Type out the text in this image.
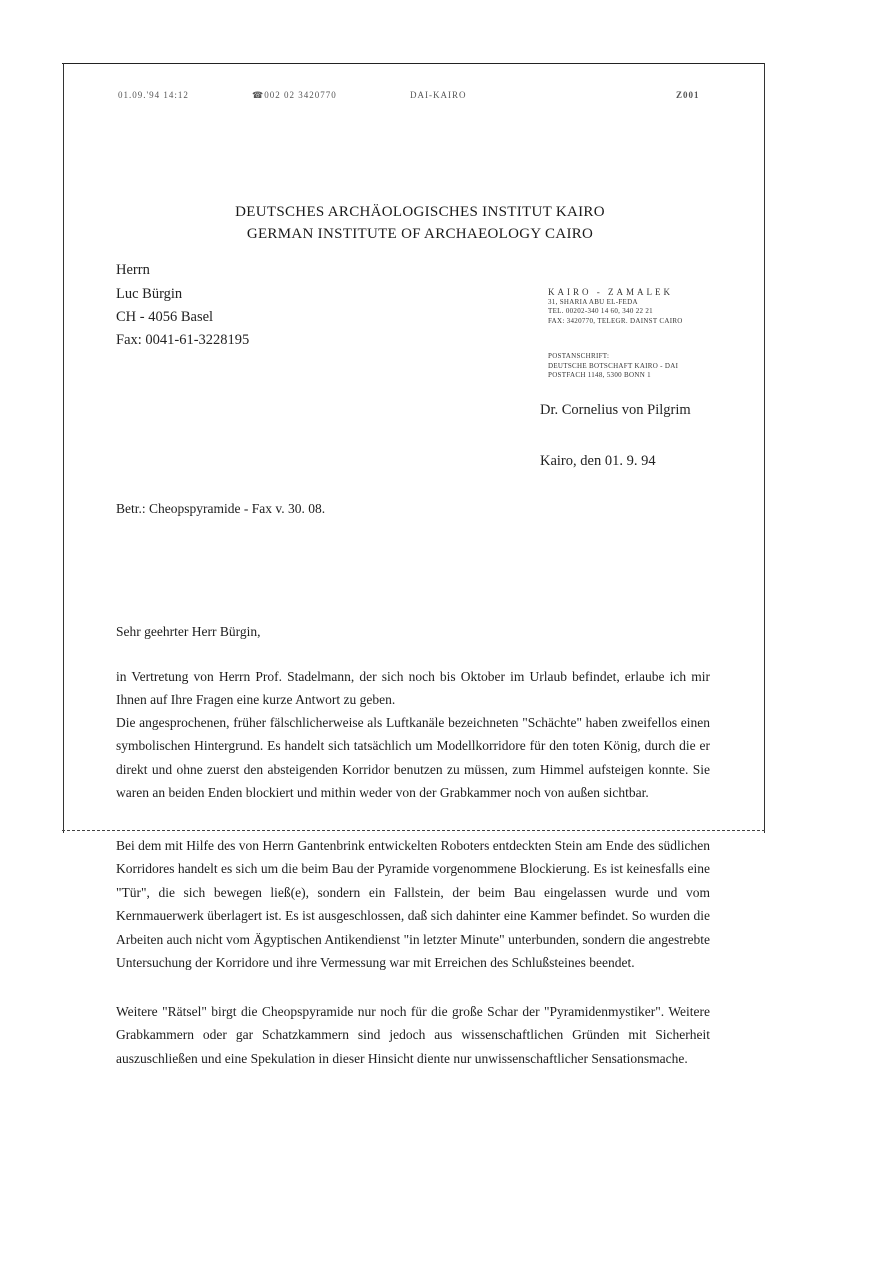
01.09.'94 14:12	☎002 02 3420770	DAI-KAIRO	Z001
DEUTSCHES ARCHÄOLOGISCHES INSTITUT KAIRO
GERMAN INSTITUTE OF ARCHAEOLOGY CAIRO
Herrn
Luc Bürgin
CH - 4056 Basel
Fax: 0041-61-3228195
KAIRO - ZAMALEK
31, SHARIA ABU EL-FEDA
TEL. 00202-340 14 60, 340 22 21
FAX: 3420770, TELEGR. DAINST CAIRO
POSTANSCHRIFT:
DEUTSCHE BOTSCHAFT KAIRO - DAI
POSTFACH 1148, 5300 BONN 1
Dr. Cornelius von Pilgrim
Kairo, den 01. 9. 94
Betr.: Cheopspyramide - Fax v. 30. 08.
Sehr geehrter Herr Bürgin,
in Vertretung von Herrn Prof. Stadelmann, der sich noch bis Oktober im Urlaub befindet, erlaube ich mir Ihnen auf Ihre Fragen eine kurze Antwort zu geben.
Die angesprochenen, früher fälschlicherweise als Luftkanäle bezeichneten "Schächte" haben zweifellos einen symbolischen Hintergrund. Es handelt sich tatsächlich um Modellkorridore für den toten König, durch die er direkt und ohne zuerst den absteigenden Korridor benutzen zu müssen, zum Himmel aufsteigen konnte. Sie waren an beiden Enden blockiert und mithin weder von der Grabkammer noch von außen sichtbar.
Bei dem mit Hilfe des von Herrn Gantenbrink entwickelten Roboters entdeckten Stein am Ende des südlichen Korridores handelt es sich um die beim Bau der Pyramide vorgenommene Blockierung. Es ist keinesfalls eine "Tür", die sich bewegen ließ(e), sondern ein Fallstein, der beim Bau eingelassen wurde und vom Kernmauerwerk überlagert ist. Es ist ausgeschlossen, daß sich dahinter eine Kammer befindet. So wurden die Arbeiten auch nicht vom Ägyptischen Antikendienst "in letzter Minute" unterbunden, sondern die angestrebte Untersuchung der Korridore und ihre Vermessung war mit Erreichen des Schlußsteines beendet.
Weitere "Rätsel" birgt die Cheopspyramide nur noch für die große Schar der "Pyramidenmystiker". Weitere Grabkammern oder gar Schatzkammern sind jedoch aus wissenschaftlichen Gründen mit Sicherheit auszuschließen und eine Spekulation in dieser Hinsicht diente nur unwissenschaftlicher Sensationsmache.
